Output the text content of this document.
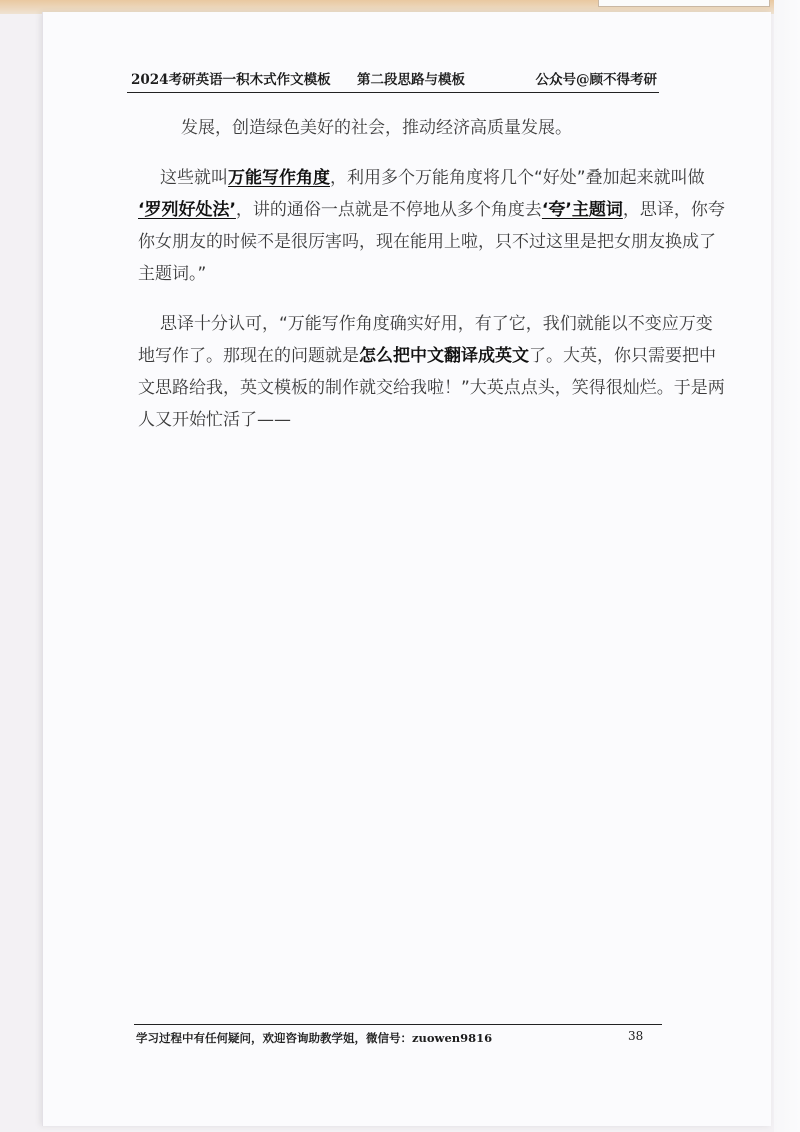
2024考研英语一积木式作文模板 第二段思路与模板	公众号@顾不得考研
发展，创造绿色美好的社会，推动经济高质量发展。
这些就叫万能写作角度，利用多个万能角度将几个“好处”叠加起来就叫做
‘罗列好处法’，讲的通俗一点就是不停地从多个角度去‘夸’主题词，思译，你夸
你女朋友的时候不是很厉害吗，现在能用上啦，只不过这里是把女朋友换成了
主题词。”
思译十分认可，“万能写作角度确实好用，有了它，我们就能以不变应万变
地写作了。那现在的问题就是怎么把中文翻译成英文了。大英，你只需要把中
文思路给我，英文模板的制作就交给我啦！”大英点点头，笑得很灿烂。于是两
人又开始忙活了——
学习过程中有任何疑问，欢迎咨询助教学姐，微信号：zuowen9816	38
